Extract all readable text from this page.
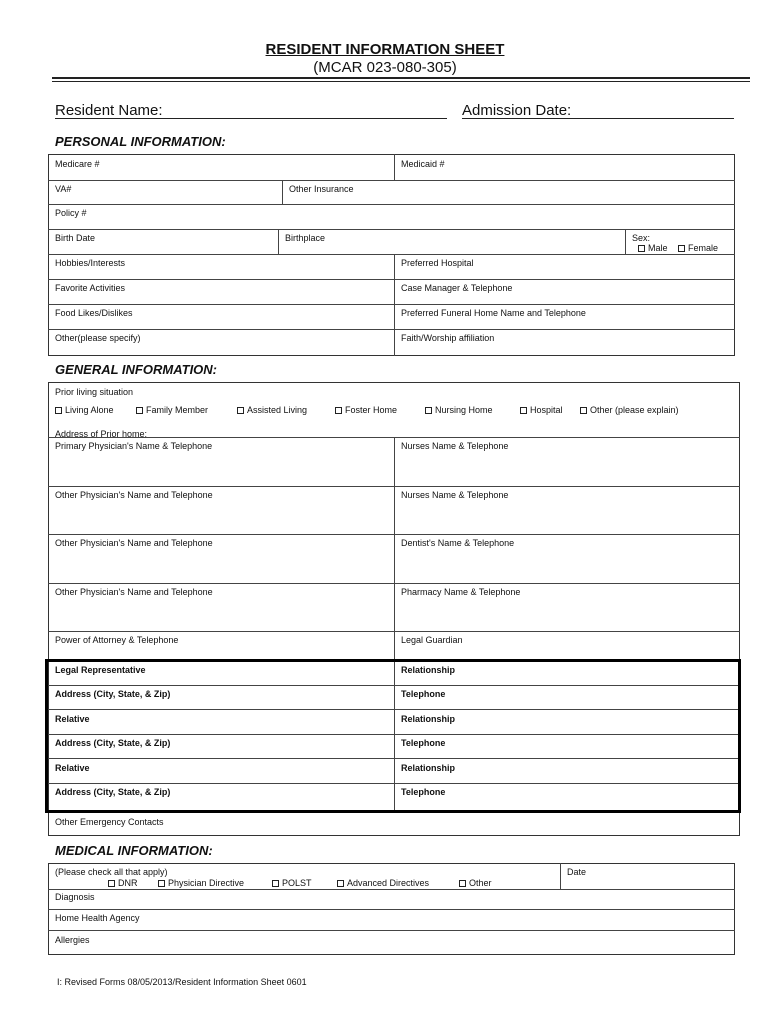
RESIDENT INFORMATION SHEET
(MCAR 023-080-305)
Resident Name:	Admission Date:
PERSONAL INFORMATION:
Medicare #	Medicaid #
VA#	Other Insurance
Policy #
Birth Date	Birthplace	Sex:
Male	Female
Hobbies/Interests	Preferred Hospital
Favorite Activities	Case Manager & Telephone
Food Likes/Dislikes	Preferred Funeral Home Name and Telephone
Other(please specify)	Faith/Worship affiliation
GENERAL INFORMATION:
Prior living situation
Living Alone	Family Member	Assisted Living	Foster Home	Nursing Home	Hospital	Other (please explain)
Address of Prior home:
Primary Physician's Name & Telephone	Nurses Name & Telephone
Other Physician's Name and Telephone	Nurses Name & Telephone
Other Physician's Name and Telephone	Dentist's Name & Telephone
Other Physician's Name and Telephone	Pharmacy Name & Telephone
Power of Attorney & Telephone	Legal Guardian
Legal Representative	Relationship
Address (City, State, & Zip)	Telephone
Relative	Relationship
Address (City, State, & Zip)	Telephone
Relative	Relationship
Address (City, State, & Zip)	Telephone
Other Emergency Contacts
MEDICAL INFORMATION:
(Please check all that apply)
DNR	Physician Directive	POLST	Advanced Directives	Other
Date
Diagnosis
Home Health Agency
Allergies
I: Revised Forms 08/05/2013/Resident Information Sheet 0601
